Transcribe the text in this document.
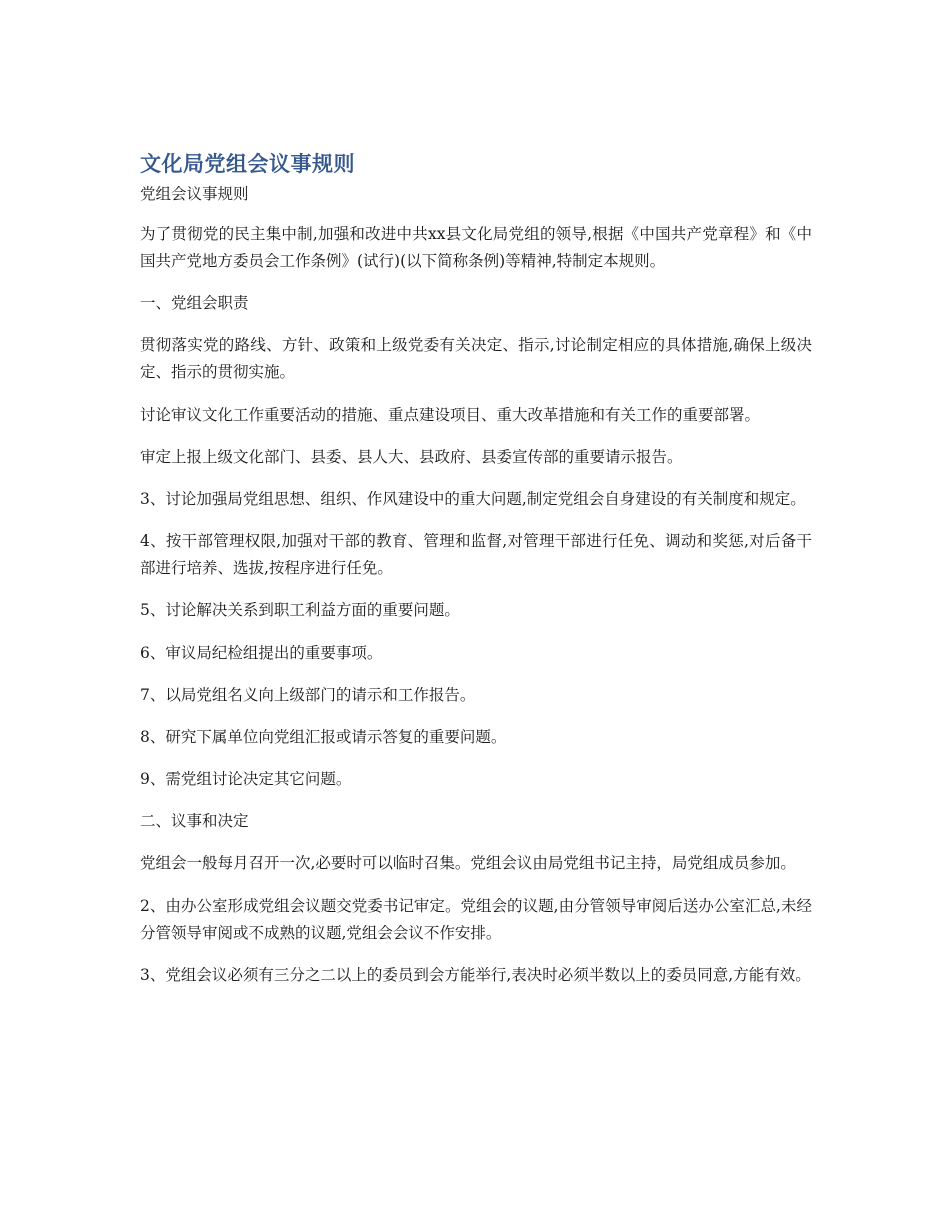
文化局党组会议事规则

党组会议事规则

为了贯彻党的民主集中制,加强和改进中共xx县文化局党组的领导,根据《中国共产党章程》和《中国共产党地方委员会工作条例》(试行)(以下简称条例)等精神,特制定本规则。

一、党组会职责

贯彻落实党的路线、方针、政策和上级党委有关决定、指示,讨论制定相应的具体措施,确保上级决定、指示的贯彻实施。

讨论审议文化工作重要活动的措施、重点建设项目、重大改革措施和有关工作的重要部署。

审定上报上级文化部门、县委、县人大、县政府、县委宣传部的重要请示报告。

3、讨论加强局党组思想、组织、作风建设中的重大问题,制定党组会自身建设的有关制度和规定。

4、按干部管理权限,加强对干部的教育、管理和监督,对管理干部进行任免、调动和奖惩,对后备干部进行培养、选拔,按程序进行任免。

5、讨论解决关系到职工利益方面的重要问题。

6、审议局纪检组提出的重要事项。

7、以局党组名义向上级部门的请示和工作报告。

8、研究下属单位向党组汇报或请示答复的重要问题。

9、需党组讨论决定其它问题。

二、议事和决定

党组会一般每月召开一次,必要时可以临时召集。党组会议由局党组书记主持，局党组成员参加。

2、由办公室形成党组会议题交党委书记审定。党组会的议题,由分管领导审阅后送办公室汇总,未经分管领导审阅或不成熟的议题,党组会会议不作安排。

3、党组会议必须有三分之二以上的委员到会方能举行,表决时必须半数以上的委员同意,方能有效。
